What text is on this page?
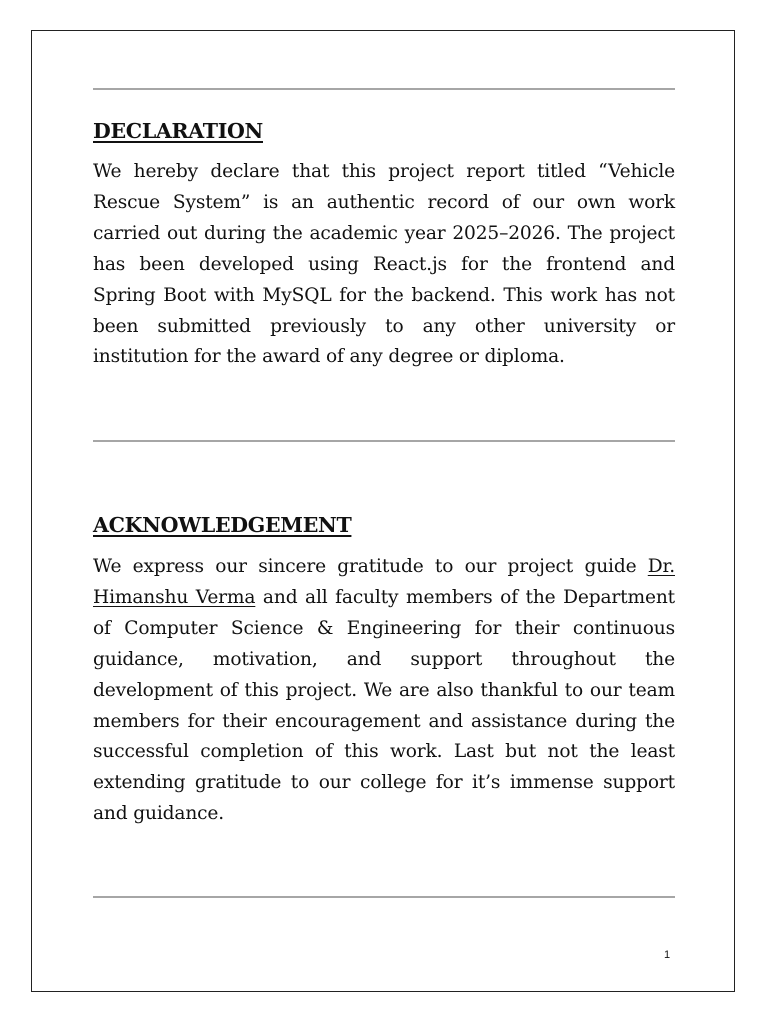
DECLARATION

We hereby declare that this project report titled “Vehicle Rescue System” is an authentic record of our own work carried out during the academic year 2025–2026. The project has been developed using React.js for the frontend and Spring Boot with MySQL for the backend. This work has not been submitted previously to any other university or institution for the award of any degree or diploma.

ACKNOWLEDGEMENT

We express our sincere gratitude to our project guide Dr. Himanshu Verma and all faculty members of the Department of Computer Science & Engineering for their continuous guidance, motivation, and support throughout the development of this project. We are also thankful to our team members for their encouragement and assistance during the successful completion of this work. Last but not the least extending gratitude to our college for it’s immense support and guidance.

1
